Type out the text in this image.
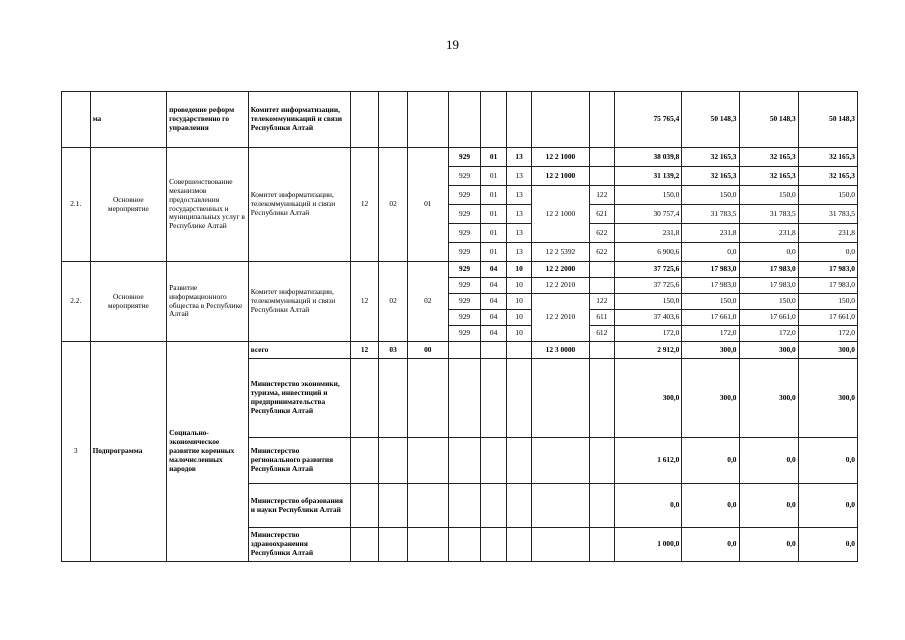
19
	ма	проведение реформ государственно го управления	Комитет информатизации, телекоммуникаций и связи Республики Алтай									75 765,4	50 148,3	50 148,3	50 148,3
2.1.	Основное мероприятие	Совершенствование механизмов предоставления государственных и муниципальных услуг в Республике Алтай	Комитет информатизации, телекоммуникаций и связи Республики Алтай	12	02	01	929	01	13	12 2 1000		38 039,8	32 165,3	32 165,3	32 165,3
							929	01	13	12 2 1000		31 139,2	32 165,3	32 165,3	32 165,3
							929	01	13	12 2 1000	122	150,0	150,0	150,0	150,0
							929	01	13		621	30 757,4	31 783,5	31 783,5	31 783,5
							929	01	13		622	231,8	231,8	231,8	231,8
							929	01	13	12 2 5392	622	6 900,6	0,0	0,0	0,0
2.2.	Основное мероприятие	Развитие информационного общества в Республике Алтай	Комитет информатизации, телекоммуникаций и связи Республики Алтай	12	02	02	929	04	10	12 2 2000		37 725,6	17 983,0	17 983,0	17 983,0
							929	04	10	12 2 2010		37 725,6	17 983,0	17 983,0	17 983,0
							929	04	10	12 2 2010	122	150,0	150,0	150,0	150,0
							929	04	10		611	37 403,6	17 661,0	17 661,0	17 661,0
							929	04	10		612	172,0	172,0	172,0	172,0
3	Подпрограмма	Социально-экономическое развитие коренных малочисленных народов	всего	12	03	00				12 3 0000		2 912,0	300,0	300,0	300,0
			Министерство экономики, туризма, инвестиций и предпринимательства Республики Алтай									300,0	300,0	300,0	300,0
			Министерство регионального развития Республики Алтай									1 612,0	0,0	0,0	0,0
			Министерство образования и науки Республики Алтай									0,0	0,0	0,0	0,0
			Министерство здравоохранения Республики Алтай									1 000,0	0,0	0,0	0,0
